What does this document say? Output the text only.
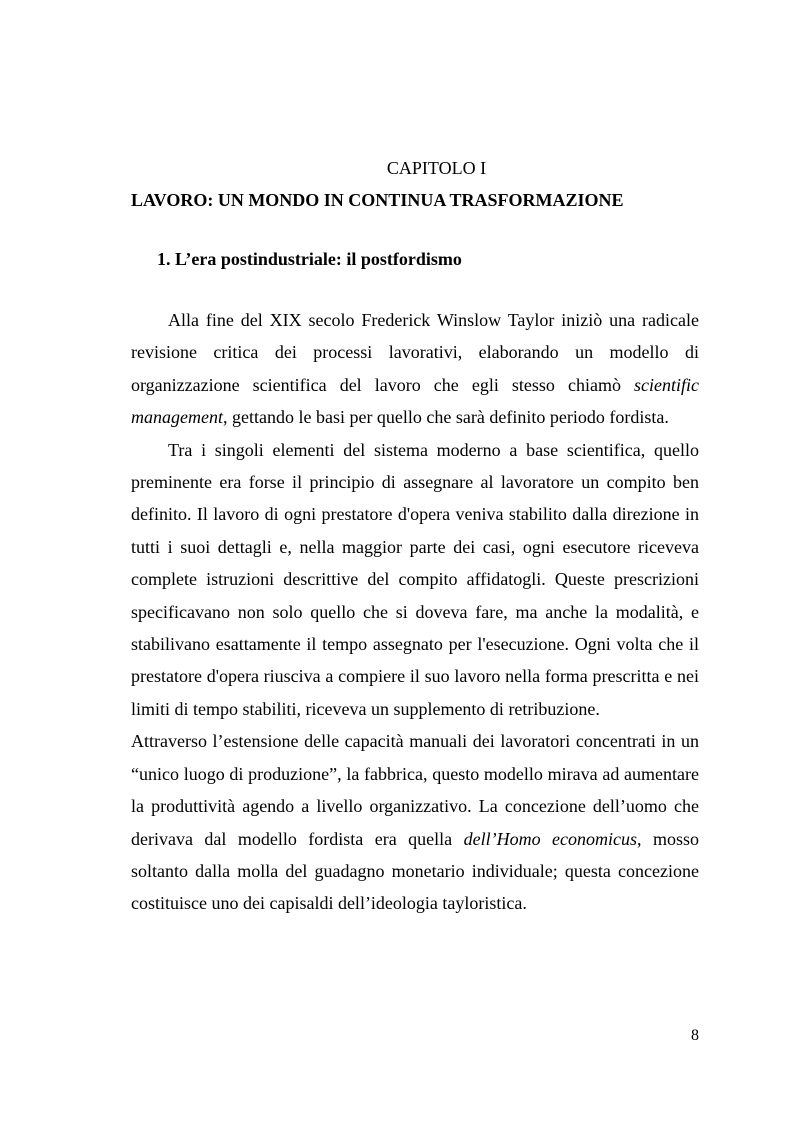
CAPITOLO I
LAVORO: UN MONDO IN CONTINUA TRASFORMAZIONE
1. L’era postindustriale: il postfordismo

Alla fine del XIX secolo Frederick Winslow Taylor iniziò una radicale revisione critica dei processi lavorativi, elaborando un modello di organizzazione scientifica del lavoro che egli stesso chiamò scientific management, gettando le basi per quello che sarà definito periodo fordista.

Tra i singoli elementi del sistema moderno a base scientifica, quello preminente era forse il principio di assegnare al lavoratore un compito ben definito. Il lavoro di ogni prestatore d'opera veniva stabilito dalla direzione in tutti i suoi dettagli e, nella maggior parte dei casi, ogni esecutore riceveva complete istruzioni descrittive del compito affidatogli. Queste prescrizioni specificavano non solo quello che si doveva fare, ma anche la modalità, e stabilivano esattamente il tempo assegnato per l'esecuzione. Ogni volta che il prestatore d'opera riusciva a compiere il suo lavoro nella forma prescritta e nei limiti di tempo stabiliti, riceveva un supplemento di retribuzione.

Attraverso l’estensione delle capacità manuali dei lavoratori concentrati in un “unico luogo di produzione”, la fabbrica, questo modello mirava ad aumentare la produttività agendo a livello organizzativo. La concezione dell’uomo che derivava dal modello fordista era quella dell’Homo economicus, mosso soltanto dalla molla del guadagno monetario individuale; questa concezione costituisce uno dei capisaldi dell’ideologia tayloristica.

8
